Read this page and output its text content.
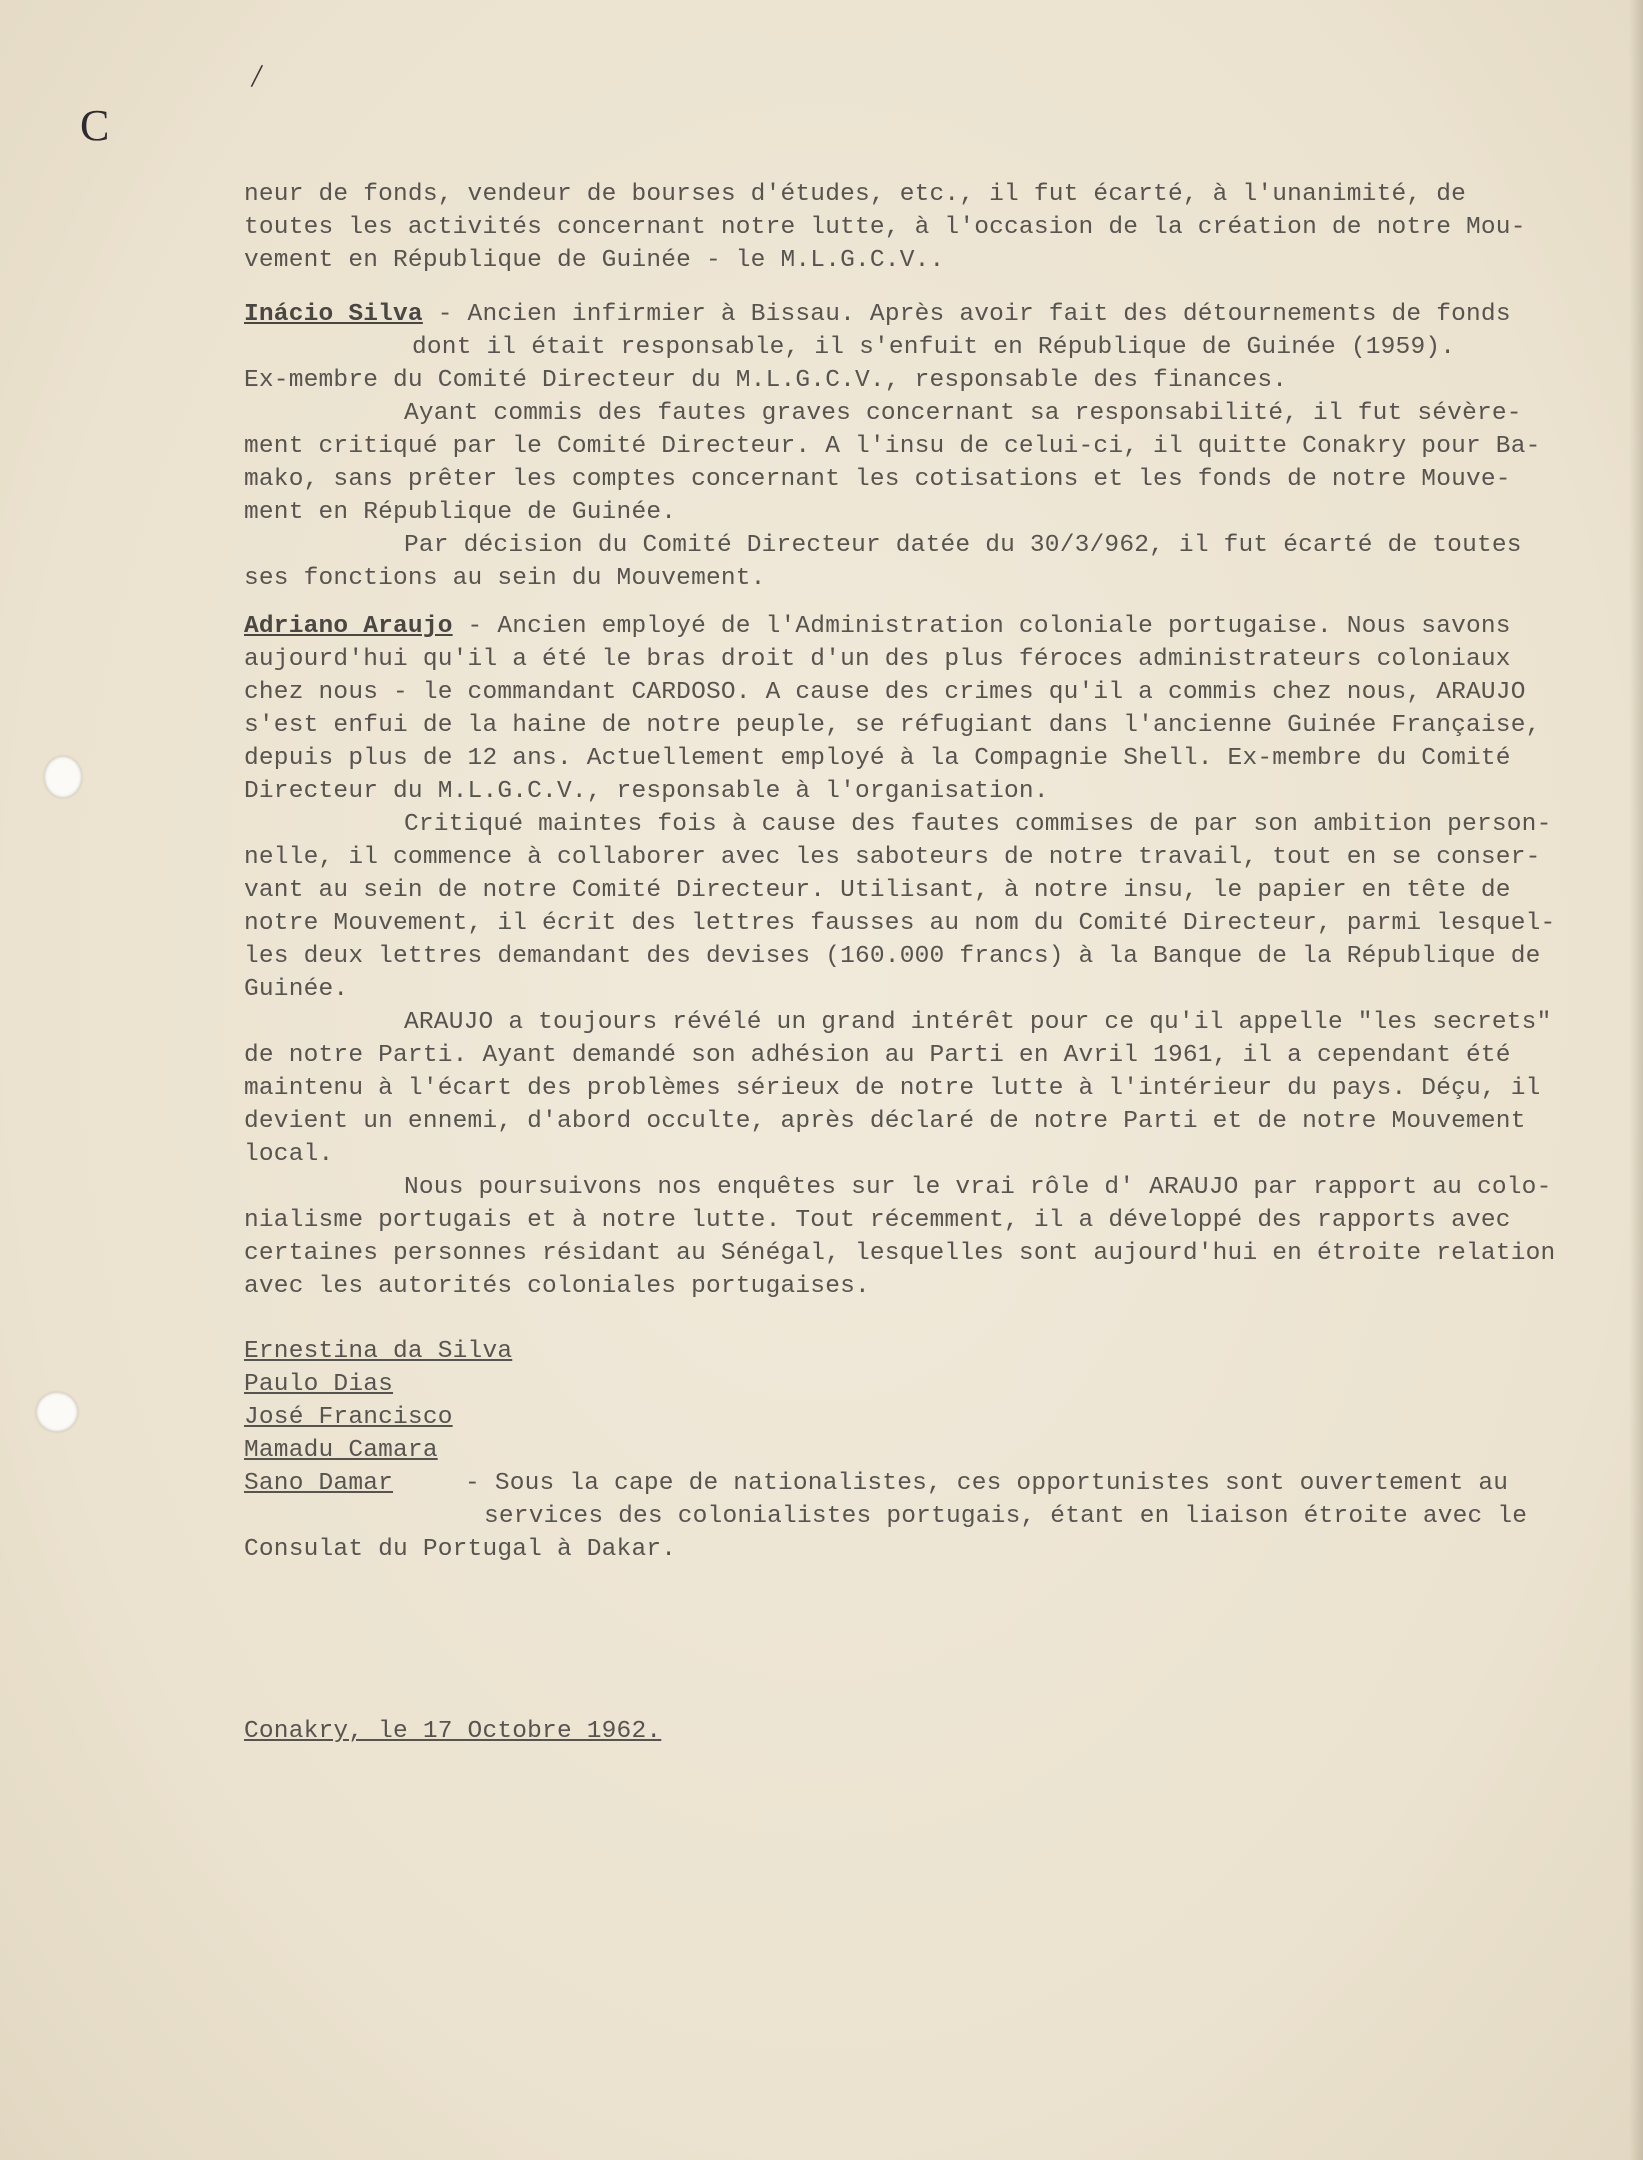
C
/
neur de fonds, vendeur de bourses d'études, etc., il fut écarté, à l'unanimité, de
toutes les activités concernant notre lutte, à l'occasion de la création de notre Mou-
vement en République de Guinée - le M.L.G.C.V..
Inácio Silva - Ancien infirmier à Bissau. Après avoir fait des détournements de fonds
dont il était responsable, il s'enfuit en République de Guinée (1959).
Ex-membre du Comité Directeur du M.L.G.C.V., responsable des finances.
Ayant commis des fautes graves concernant sa responsabilité, il fut sévère-
ment critiqué par le Comité Directeur. A l'insu de celui-ci, il quitte Conakry pour Ba-
mako, sans prêter les comptes concernant les cotisations et les fonds de notre Mouve-
ment en République de Guinée.
Par décision du Comité Directeur datée du 30/3/962, il fut écarté de toutes
ses fonctions au sein du Mouvement.
Adriano Araujo - Ancien employé de l'Administration coloniale portugaise. Nous savons
aujourd'hui qu'il a été le bras droit d'un des plus féroces administrateurs coloniaux
chez nous - le commandant CARDOSO. A cause des crimes qu'il a commis chez nous, ARAUJO
s'est enfui de la haine de notre peuple, se réfugiant dans l'ancienne Guinée Française,
depuis plus de 12 ans. Actuellement employé à la Compagnie Shell. Ex-membre du Comité
Directeur du M.L.G.C.V., responsable à l'organisation.
Critiqué maintes fois à cause des fautes commises de par son ambition person-
nelle, il commence à collaborer avec les saboteurs de notre travail, tout en se conser-
vant au sein de notre Comité Directeur. Utilisant, à notre insu, le papier en tête de
notre Mouvement, il écrit des lettres fausses au nom du Comité Directeur, parmi lesquel-
les deux lettres demandant des devises (160.000 francs) à la Banque de la République de
Guinée.
ARAUJO a toujours révélé un grand intérêt pour ce qu'il appelle "les secrets"
de notre Parti. Ayant demandé son adhésion au Parti en Avril 1961, il a cependant été
maintenu à l'écart des problèmes sérieux de notre lutte à l'intérieur du pays. Déçu, il
devient un ennemi, d'abord occulte, après déclaré de notre Parti et de notre Mouvement
local.
Nous poursuivons nos enquêtes sur le vrai rôle d' ARAUJO par rapport au colo-
nialisme portugais et à notre lutte. Tout récemment, il a développé des rapports avec
certaines personnes résidant au Sénégal, lesquelles sont aujourd'hui en étroite relation
avec les autorités coloniales portugaises.
Ernestina da Silva
Paulo Dias
José Francisco
Mamadu Camara
Sano Damar	- Sous la cape de nationalistes, ces opportunistes sont ouvertement au
services des colonialistes portugais, étant en liaison étroite avec le
Consulat du Portugal à Dakar.
Conakry, le 17 Octobre 1962.
